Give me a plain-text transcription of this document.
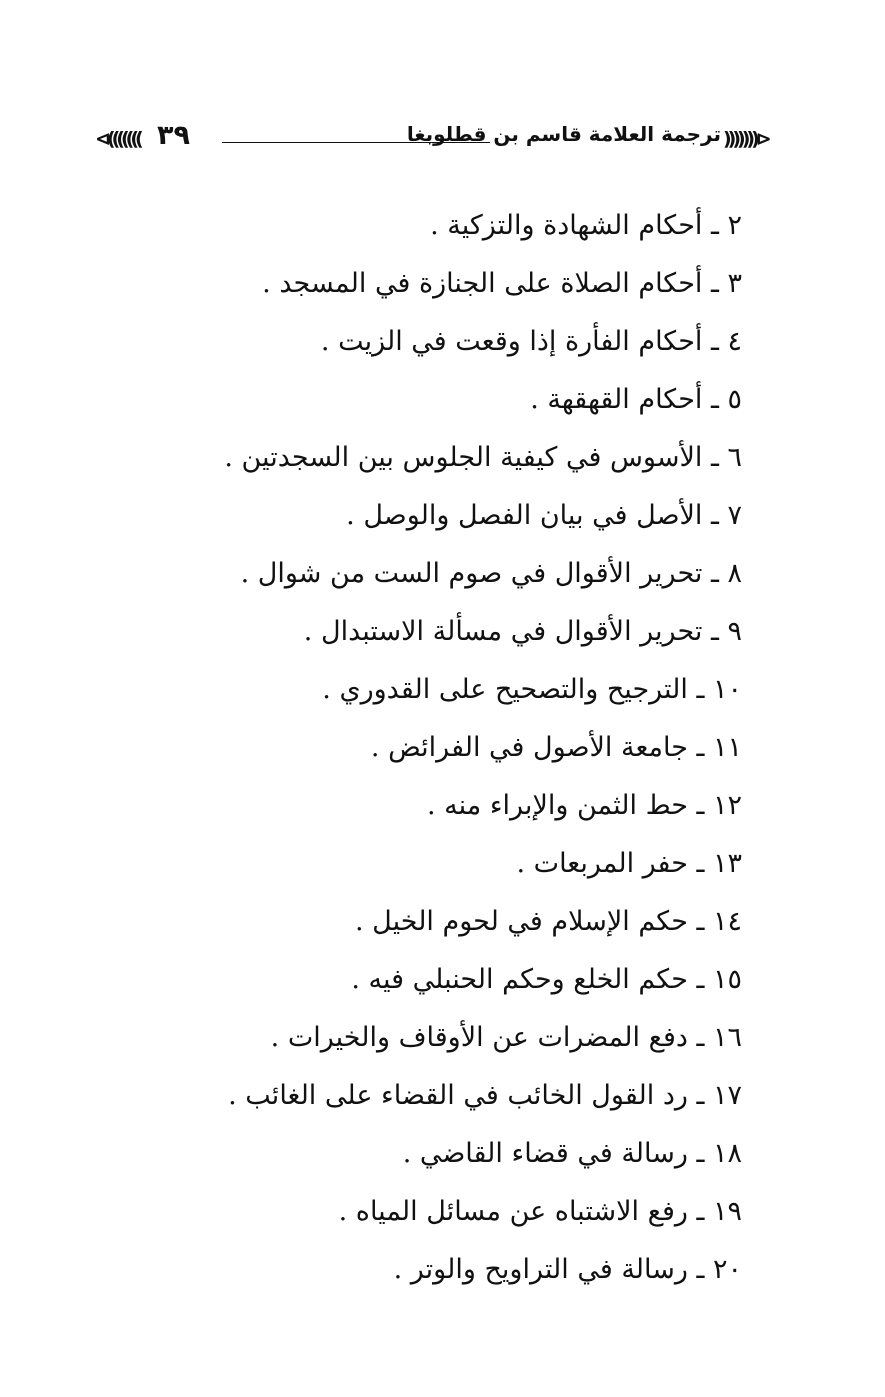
⊲((((((( ٣٩	ترجمة العلامة قاسم بن قطلوبغا )))))))⊳
٢ ـ أحكام الشهادة والتزكية .
٣ ـ أحكام الصلاة على الجنازة في المسجد .
٤ ـ أحكام الفأرة إذا وقعت في الزيت .
٥ ـ أحكام القهقهة .
٦ ـ الأسوس في كيفية الجلوس بين السجدتين .
٧ ـ الأصل في بيان الفصل والوصل .
٨ ـ تحرير الأقوال في صوم الست من شوال .
٩ ـ تحرير الأقوال في مسألة الاستبدال .
١٠ ـ الترجيح والتصحيح على القدوري .
١١ ـ جامعة الأصول في الفرائض .
١٢ ـ حط الثمن والإبراء منه .
١٣ ـ حفر المربعات .
١٤ ـ حكم الإسلام في لحوم الخيل .
١٥ ـ حكم الخلع وحكم الحنبلي فيه .
١٦ ـ دفع المضرات عن الأوقاف والخيرات .
١٧ ـ رد القول الخائب في القضاء على الغائب .
١٨ ـ رسالة في قضاء القاضي .
١٩ ـ رفع الاشتباه عن مسائل المياه .
٢٠ ـ رسالة في التراويح والوتر .
